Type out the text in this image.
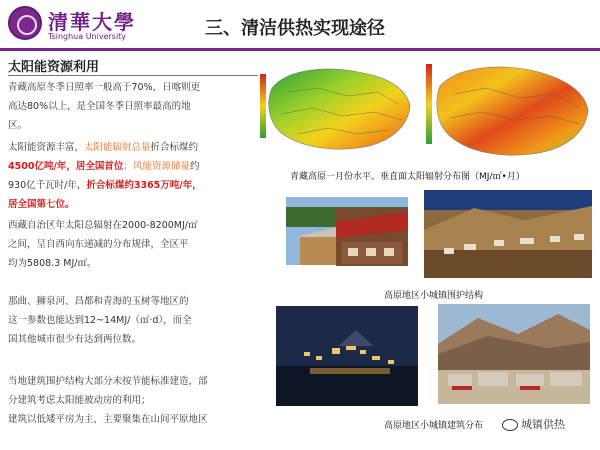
清華大學
Tsinghua University	三、清洁供热实现途径
太阳能资源利用
青藏高原冬季日照率一般高于70%，日喀则更
高达80%以上，是全国冬季日照率最高的地
区。
太阳能资源丰富，太阳能辐射总量折合标煤约
4500亿吨/年，居全国首位；风能资源储量约
930亿千瓦时/年，折合标煤约3365万吨/年，
居全国第七位。
西藏自治区年太阳总辐射在2000-8200MJ/㎡
之间，呈自西向东递减的分布规律，全区平
均为5808.3 MJ/㎡。
那曲、狮泉河、昌都和青海的玉树等地区的
这一参数也能达到12~14MJ/（㎡·d），而全
国其他城市很少有达到两位数。
当地建筑围护结构大部分未按节能标准建造，部
分建筑考虑太阳能被动房的利用；
建筑以低矮平房为主，主要聚集在山间平原地区
青藏高原一月份水平、垂直面太阳辐射分布图（MJ/㎡•月）
高原地区小城镇围护结构
高原地区小城镇建筑分布	城镇供热
